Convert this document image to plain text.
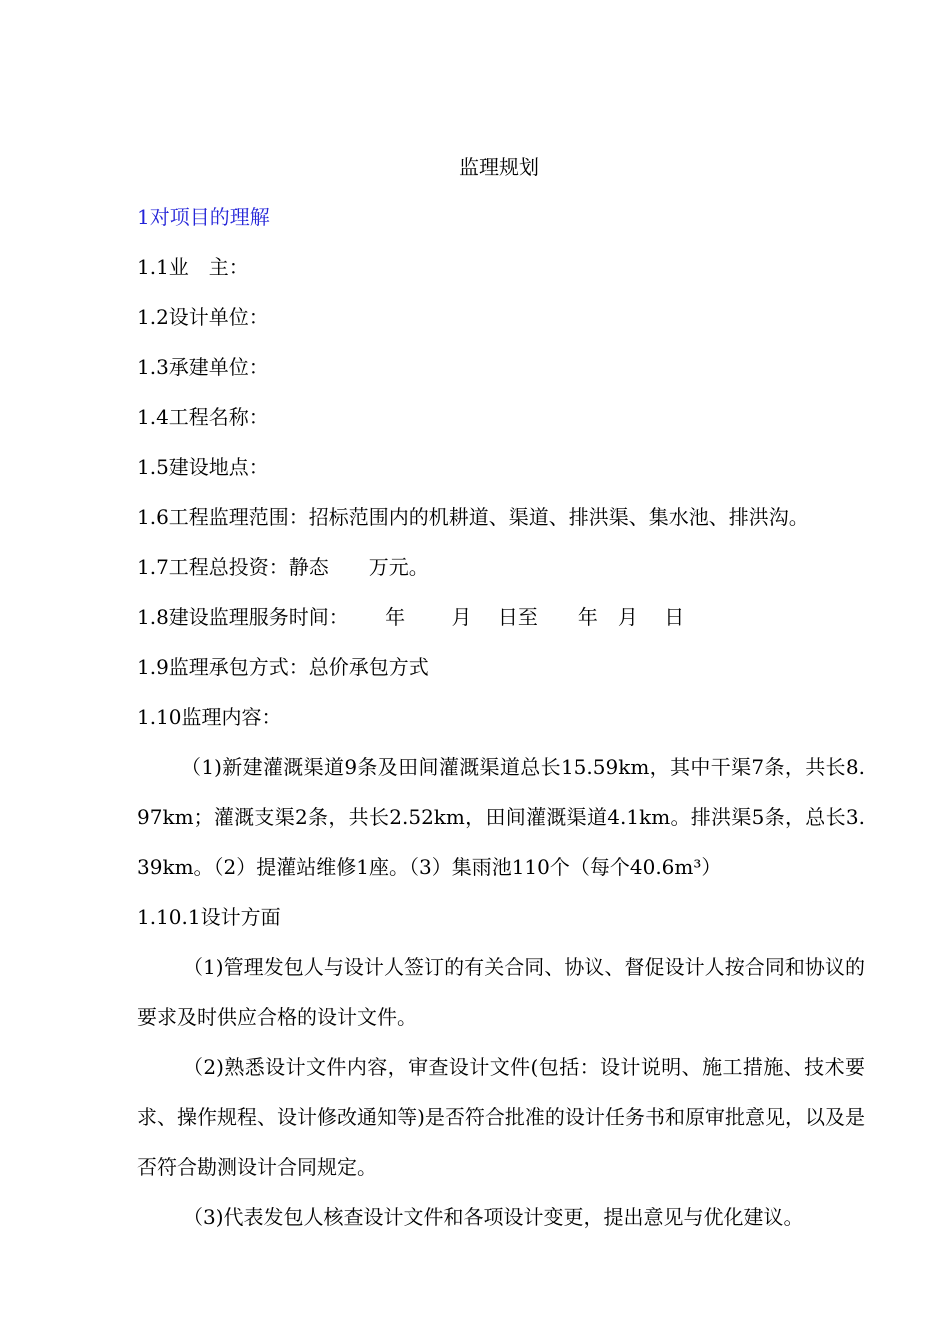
监理规划
1对项目的理解
1.1业　主：
1.2设计单位：
1.3承建单位：
1.4工程名称：
1.5建设地点：
1.6工程监理范围：招标范围内的机耕道、渠道、排洪渠、集水池、排洪沟。
1.7工程总投资：静态　　万元。
1.8建设监理服务时间：　　 年　　 月　 日至　　年　月　 日
1.9监理承包方式：总价承包方式
1.10监理内容：
（1)新建灌溉渠道9条及田间灌溉渠道总长15.59km，其中干渠7条，共长8.97km；灌溉支渠2条，共长2.52km，田间灌溉渠道4.1km。排洪渠5条，总长3.39km。（2）提灌站维修1座。（3）集雨池110个（每个40.6m³）
1.10.1设计方面
（1)管理发包人与设计人签订的有关合同、协议、督促设计人按合同和协议的要求及时供应合格的设计文件。
（2)熟悉设计文件内容，审查设计文件(包括：设计说明、施工措施、技术要求、操作规程、设计修改通知等)是否符合批准的设计任务书和原审批意见，以及是否符合勘测设计合同规定。
（3)代表发包人核查设计文件和各项设计变更，提出意见与优化建议。
